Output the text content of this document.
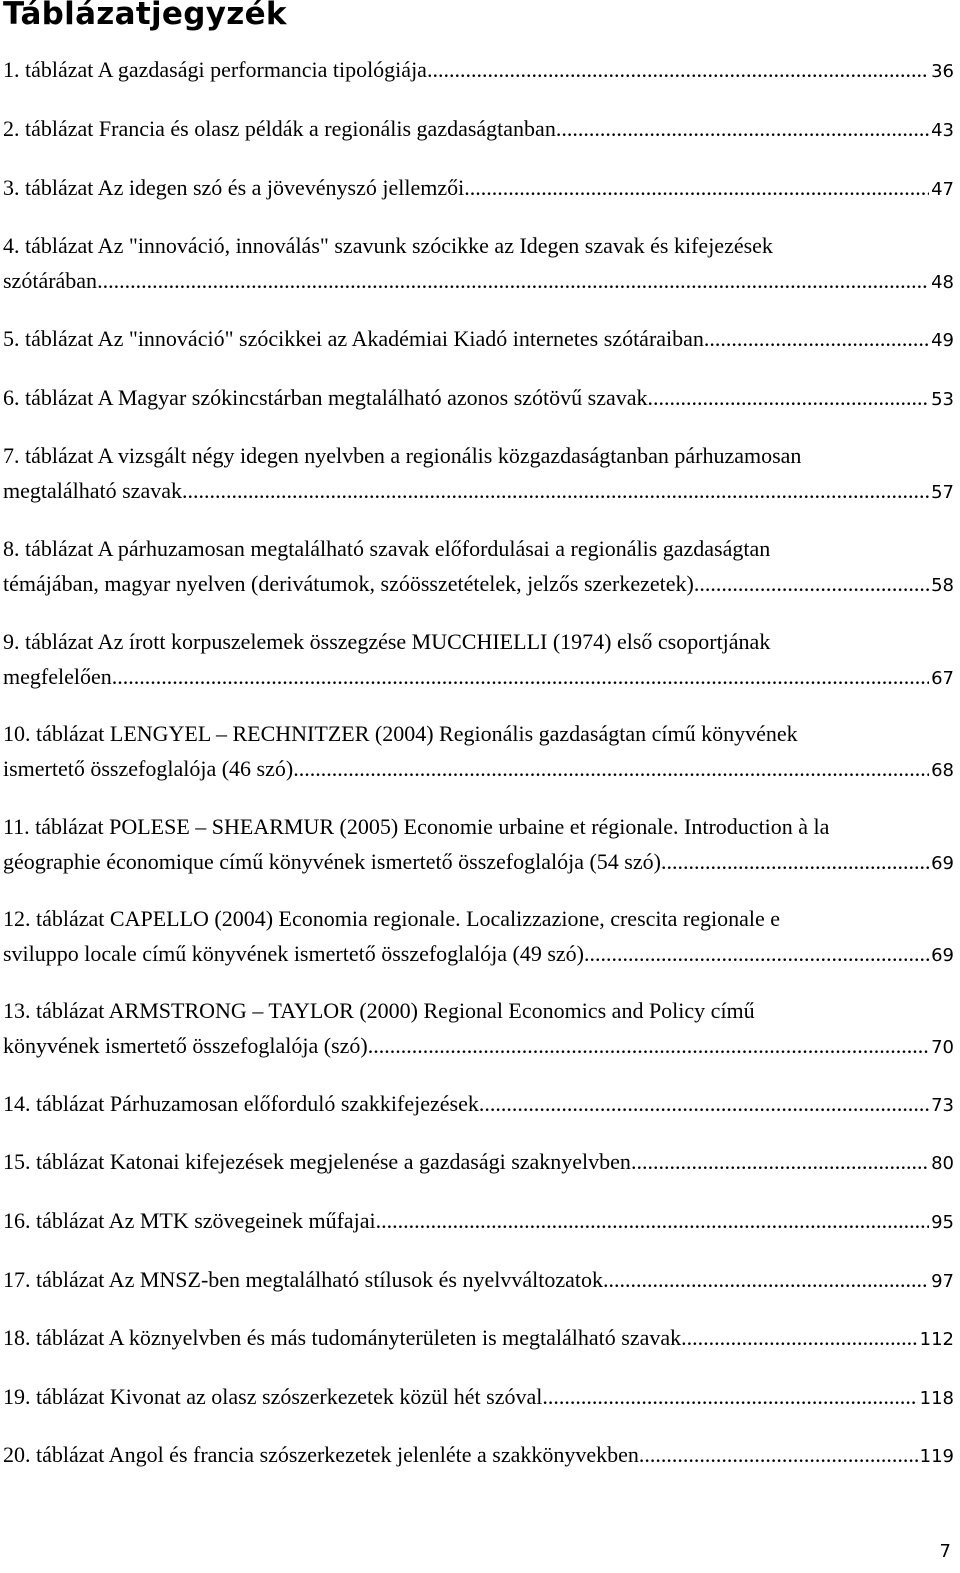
Táblázatjegyzék
1. táblázat A gazdasági performancia tipológiája .....	36
2. táblázat Francia és olasz példák a regionális gazdaságtanban .....	43
3. táblázat Az idegen szó és a jövevényszó jellemzői .....	47
4. táblázat Az "innováció, innoválás" szavunk szócikke az Idegen szavak és kifejezések
szótárában .....	48
5. táblázat Az "innováció" szócikkei az Akadémiai Kiadó internetes szótáraiban .....	49
6. táblázat A Magyar szókincstárban megtalálható azonos szótövű szavak .....	53
7. táblázat A vizsgált négy idegen nyelvben a regionális közgazdaságtanban párhuzamosan
megtalálható szavak .....	57
8. táblázat A párhuzamosan megtalálható szavak előfordulásai a regionális gazdaságtan
témájában, magyar nyelven (derivátumok, szóösszetételek, jelzős szerkezetek) .....	58
9. táblázat Az írott korpuszelemek összegzése MUCCHIELLI (1974) első csoportjának
megfelelően .....	67
10. táblázat LENGYEL – RECHNITZER (2004) Regionális gazdaságtan című könyvének
ismertető összefoglalója (46 szó) .....	68
11. táblázat POLESE – SHEARMUR (2005) Economie urbaine et régionale. Introduction à la
géographie économique című könyvének ismertető összefoglalója (54 szó) .....	69
12. táblázat CAPELLO (2004) Economia regionale. Localizzazione, crescita regionale e
sviluppo locale című könyvének ismertető összefoglalója (49 szó) .....	69
13. táblázat ARMSTRONG – TAYLOR (2000) Regional Economics and Policy című
könyvének ismertető összefoglalója (szó) .....	70
14. táblázat Párhuzamosan előforduló szakkifejezések .....	73
15. táblázat Katonai kifejezések megjelenése a gazdasági szaknyelvben .....	80
16. táblázat Az MTK szövegeinek műfajai .....	95
17. táblázat Az MNSZ-ben megtalálható stílusok és nyelvváltozatok .....	97
18. táblázat A köznyelvben és más tudományterületen is megtalálható szavak .....	112
19. táblázat Kivonat az olasz szószerkezetek közül hét szóval .....	118
20. táblázat Angol és francia szószerkezetek jelenléte a szakkönyvekben .....	119
7
